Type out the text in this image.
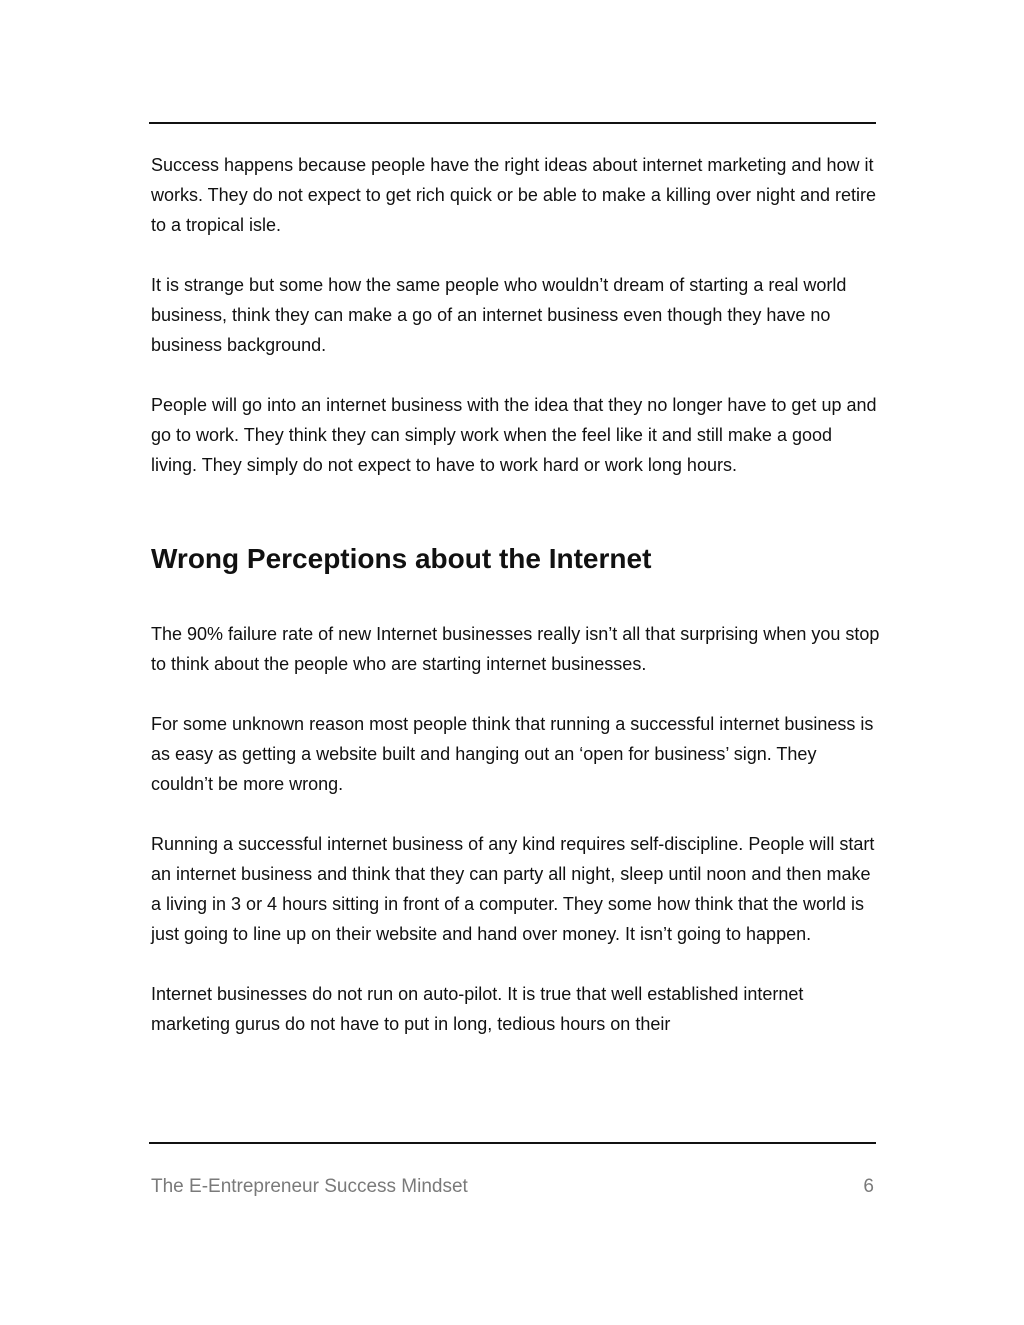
Success happens because people have the right ideas about internet marketing and how it works. They do not expect to get rich quick or be able to make a killing over night and retire to a tropical isle.

It is strange but some how the same people who wouldn’t dream of starting a real world business, think they can make a go of an internet business even though they have no business background.

People will go into an internet business with the idea that they no longer have to get up and go to work. They think they can simply work when the feel like it and still make a good living. They simply do not expect to have to work hard or work long hours.

Wrong Perceptions about the Internet

The 90% failure rate of new Internet businesses really isn’t all that surprising when you stop to think about the people who are starting internet businesses.

For some unknown reason most people think that running a successful internet business is as easy as getting a website built and hanging out an ‘open for business’ sign. They couldn’t be more wrong.

Running a successful internet business of any kind requires self-discipline. People will start an internet business and think that they can party all night, sleep until noon and then make a living in 3 or 4 hours sitting in front of a computer. They some how think that the world is just going to line up on their website and hand over money. It isn’t going to happen.

Internet businesses do not run on auto-pilot. It is true that well established internet marketing gurus do not have to put in long, tedious hours on their

The E-Entrepreneur Success Mindset	6
